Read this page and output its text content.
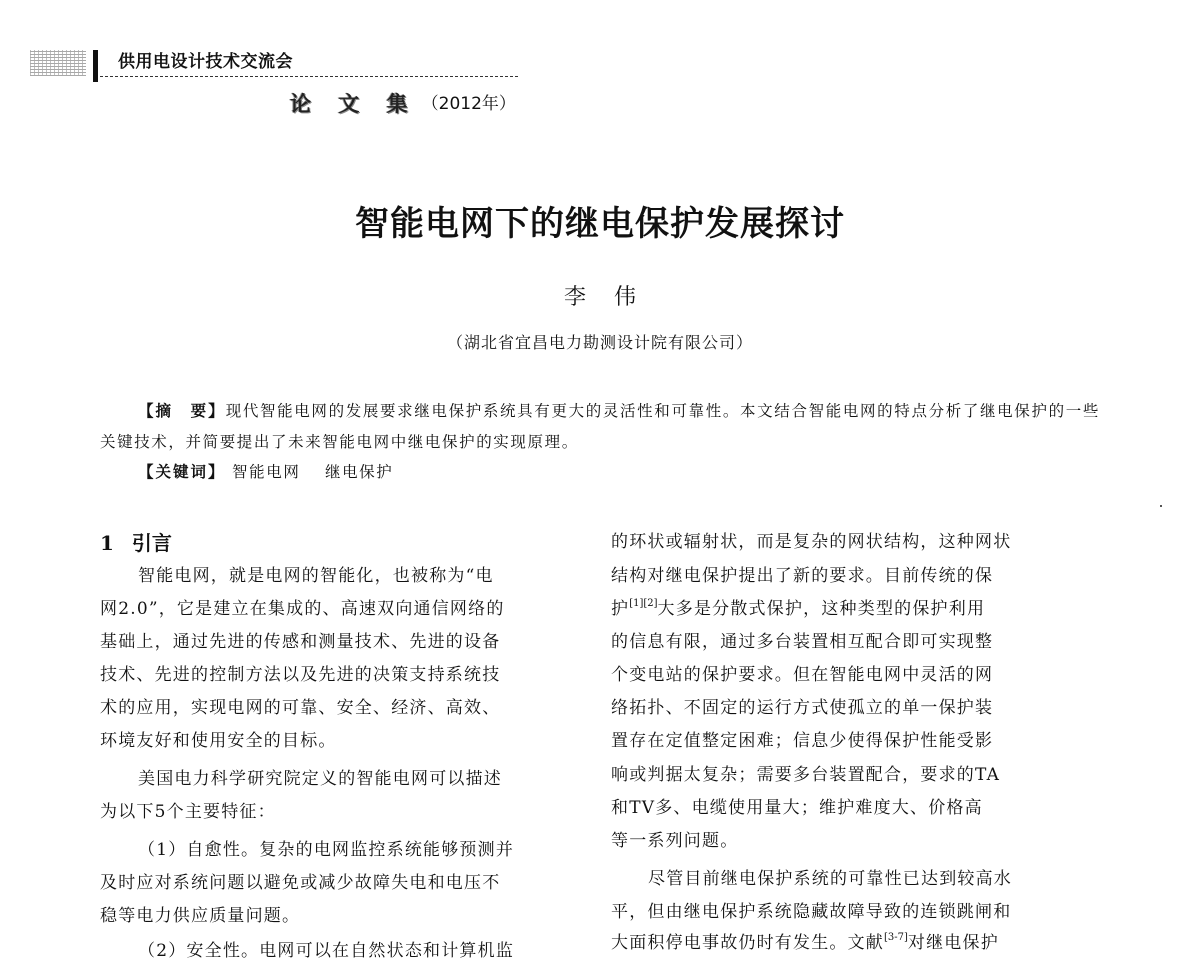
供用电设计技术交流会
论 文 集 （2012年）
智能电网下的继电保护发展探讨
李伟
（湖北省宜昌电力勘测设计院有限公司）
【摘　要】现代智能电网的发展要求继电保护系统具有更大的灵活性和可靠性。本文结合智能电网的特点分析了继电保护的一些关键技术，并简要提出了未来智能电网中继电保护的实现原理。
【关键词】 智能电网 继电保护
1 引言
智能电网，就是电网的智能化，也被称为“电
网2.0”，它是建立在集成的、高速双向通信网络的
基础上，通过先进的传感和测量技术、先进的设备
技术、先进的控制方法以及先进的决策支持系统技
术的应用，实现电网的可靠、安全、经济、高效、
环境友好和使用安全的目标。
美国电力科学研究院定义的智能电网可以描述
为以下5个主要特征：
（1）自愈性。复杂的电网监控系统能够预测并
及时应对系统问题以避免或减少故障失电和电压不
稳等电力供应质量问题。
（2）安全性。电网可以在自然状态和计算机监
的环状或辐射状，而是复杂的网状结构，这种网状
结构对继电保护提出了新的要求。目前传统的保
护[1][2]大多是分散式保护，这种类型的保护利用
的信息有限，通过多台装置相互配合即可实现整
个变电站的保护要求。但在智能电网中灵活的网
络拓扑、不固定的运行方式使孤立的单一保护装
置存在定值整定困难；信息少使得保护性能受影
响或判据太复杂；需要多台装置配合，要求的TA
和TV多、电缆使用量大；维护难度大、价格高
等一系列问题。
尽管目前继电保护系统的可靠性已达到较高水
平，但由继电保护系统隐藏故障导致的连锁跳闸和
大面积停电事故仍时有发生。文献[3-7]对继电保护
